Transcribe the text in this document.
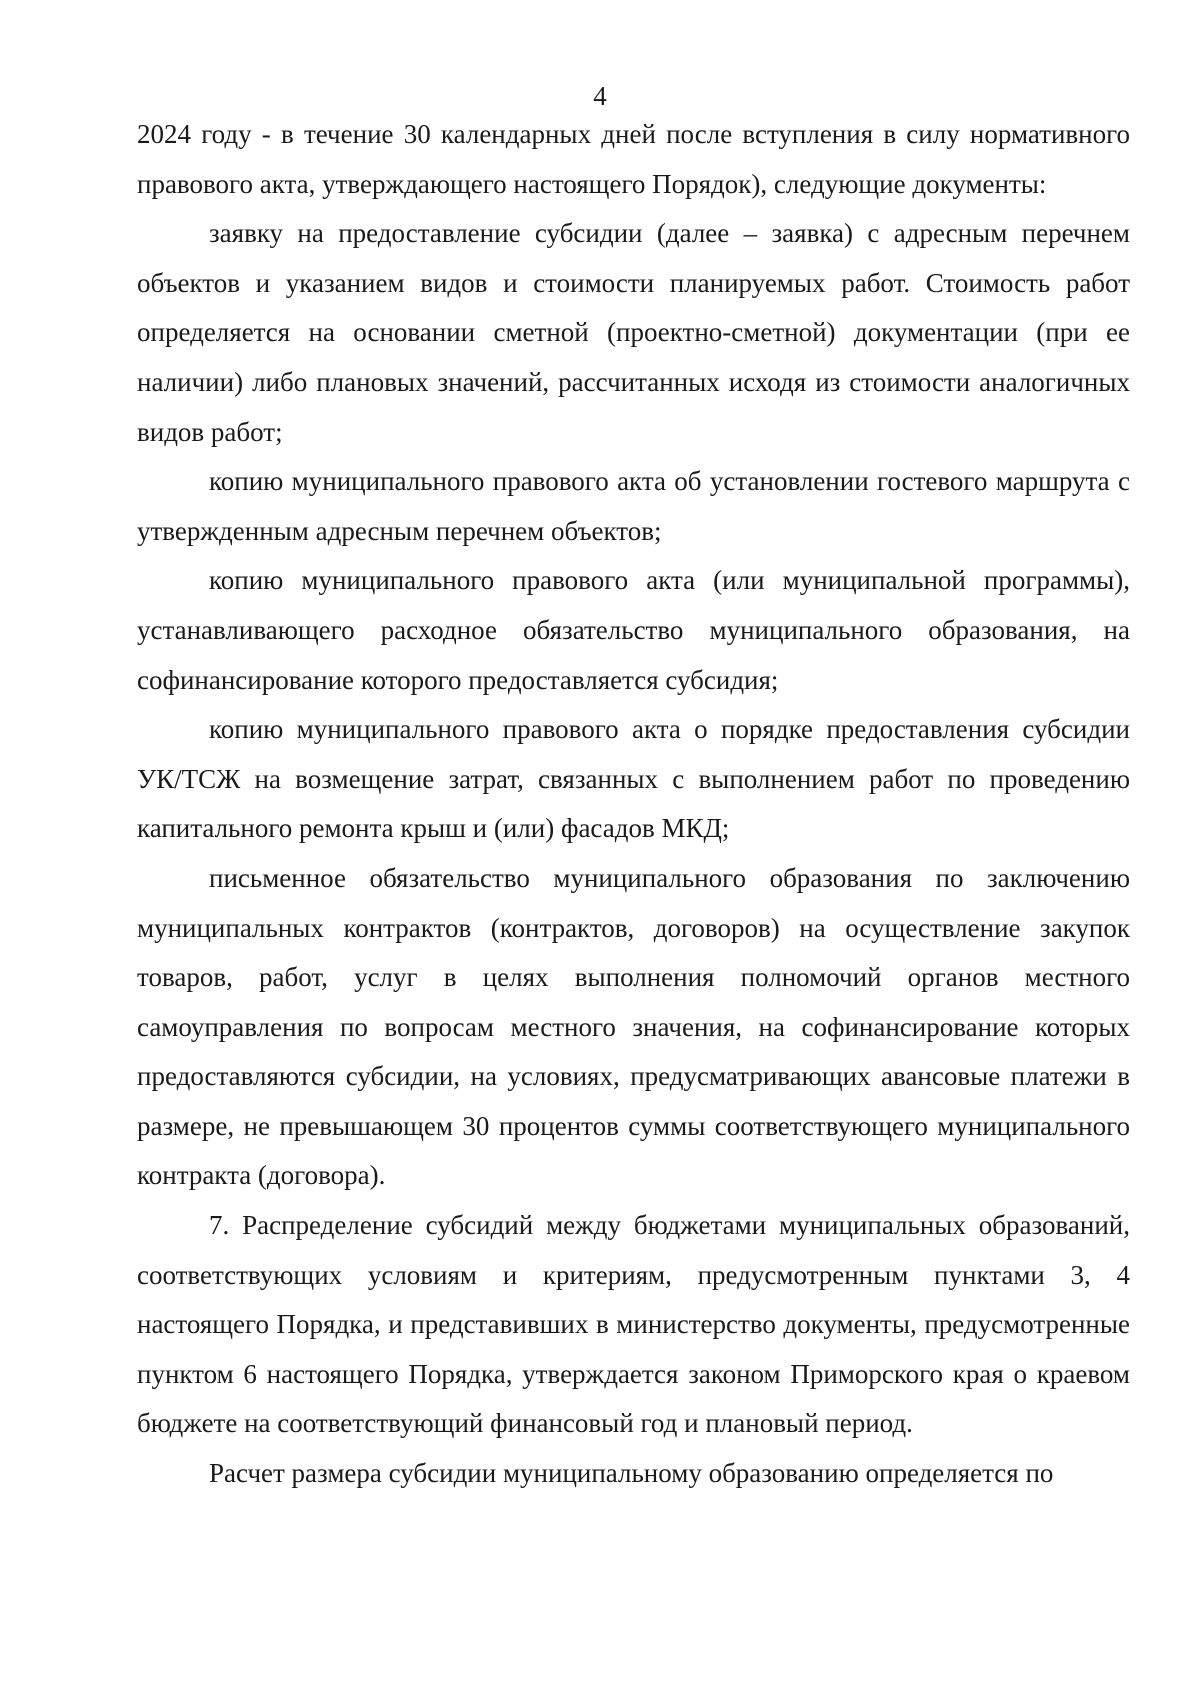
4

2024 году - в течение 30 календарных дней после вступления в силу нормативного правового акта, утверждающего настоящего Порядок), следующие документы:

заявку на предоставление субсидии (далее – заявка) с адресным перечнем объектов и указанием видов и стоимости планируемых работ. Стоимость работ определяется на основании сметной (проектно-сметной) документации (при ее наличии) либо плановых значений, рассчитанных исходя из стоимости аналогичных видов работ;

копию муниципального правового акта об установлении гостевого маршрута с утвержденным адресным перечнем объектов;

копию муниципального правового акта (или муниципальной программы), устанавливающего расходное обязательство муниципального образования, на софинансирование которого предоставляется субсидия;

копию муниципального правового акта о порядке предоставления субсидии УК/ТСЖ на возмещение затрат, связанных с выполнением работ по проведению капитального ремонта крыш и (или) фасадов МКД;

письменное обязательство муниципального образования по заключению муниципальных контрактов (контрактов, договоров) на осуществление закупок товаров, работ, услуг в целях выполнения полномочий органов местного самоуправления по вопросам местного значения, на софинансирование которых предоставляются субсидии, на условиях, предусматривающих авансовые платежи в размере, не превышающем 30 процентов суммы соответствующего муниципального контракта (договора).

7. Распределение субсидий между бюджетами муниципальных образований, соответствующих условиям и критериям, предусмотренным пунктами 3, 4 настоящего Порядка, и представивших в министерство документы, предусмотренные пунктом 6 настоящего Порядка, утверждается законом Приморского края о краевом бюджете на соответствующий финансовый год и плановый период.

Расчет размера субсидии муниципальному образованию определяется по
